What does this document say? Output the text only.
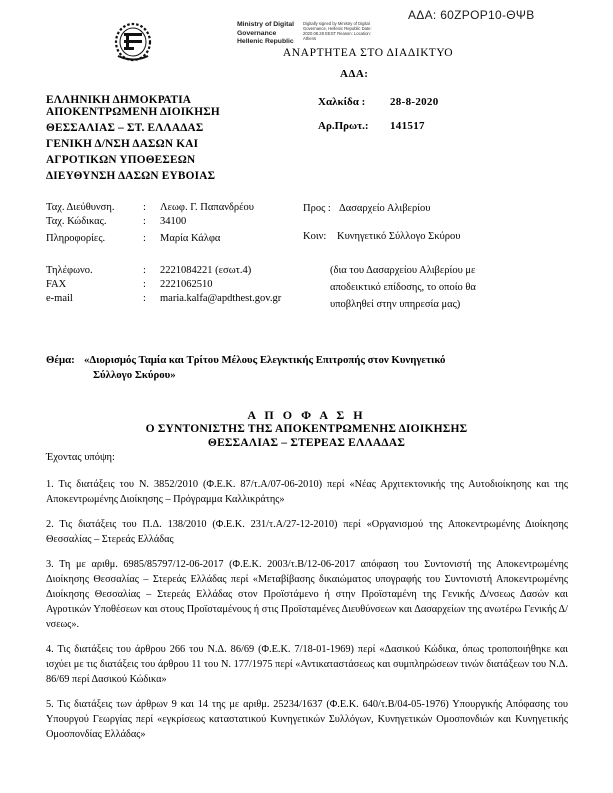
ΑΔΑ: 60ZPOP10-ΘΨΒ
Ministry of Digital
Governance
Hellenic Republic
Digitally signed by Ministry of Digital Governance, Hellenic Republic Date: 2020.08.28 EEST Reason: Location: Athens
ΑΝΑΡΤΗΤΕΑ ΣΤΟ ΔΙΑΔΙΚΤΥΟ
ΑΔΑ:
ΕΛΛΗΝΙΚΗ ΔΗΜΟΚΡΑΤΙΑ
ΑΠΟΚΕΝΤΡΩΜΕΝΗ ΔΙΟΙΚΗΣΗ
ΘΕΣΣΑΛΙΑΣ – ΣΤ. ΕΛΛΑΔΑΣ
ΓΕΝΙΚΗ Δ/ΝΣΗ ΔΑΣΩΝ ΚΑΙ
ΑΓΡΟΤΙΚΩΝ ΥΠΟΘΕΣΕΩΝ
ΔΙΕΥΘΥΝΣΗ ΔΑΣΩΝ ΕΥΒΟΙΑΣ
Χαλκίδα :	28-8-2020
Αρ.Πρωτ.:	141517
Ταχ. Διεύθυνση.	:	Λεωφ. Γ. Παπανδρέου
Ταχ. Κώδικας.	:	34100
Πληροφορίες.	:	Μαρία Κάλφα
Τηλέφωνο.	:	2221084221 (εσωτ.4)
FAX	:	2221062510
e-mail	:	maria.kalfa@apdthest.gov.gr
Προς : Δασαρχείο Αλιβερίου
Κοιν:	Κυνηγετικό Σύλλογο Σκύρου
(δια του Δασαρχείου Αλιβερίου με
αποδεικτικό επίδοσης, το οποίο θα
υποβληθεί στην υπηρεσία μας)
Θέμα: «Διορισμός Ταμία και Τρίτου Μέλους Ελεγκτικής Επιτροπής στον Κυνηγετικό
Σύλλογο Σκύρου»
Α Π Ο Φ Α Σ Η
Ο ΣΥΝΤΟΝΙΣΤΗΣ ΤΗΣ ΑΠΟΚΕΝΤΡΩΜΕΝΗΣ ΔΙΟΙΚΗΣΗΣ
ΘΕΣΣΑΛΙΑΣ – ΣΤΕΡΕΑΣ ΕΛΛΑΔΑΣ
Έχοντας υπόψη:

1. Τις διατάξεις του Ν. 3852/2010 (Φ.Ε.Κ. 87/τ.Α/07-06-2010) περί «Νέας Αρχιτεκτονικής της Αυτοδιοίκησης και της Αποκεντρωμένης Διοίκησης – Πρόγραμμα Καλλικράτης»

2. Τις διατάξεις του Π.Δ. 138/2010 (Φ.Ε.Κ. 231/τ.Α/27-12-2010) περί «Οργανισμού της Αποκεντρωμένης Διοίκησης Θεσσαλίας – Στερεάς Ελλάδας

3. Τη με αριθμ. 6985/85797/12-06-2017 (Φ.Ε.Κ. 2003/τ.Β/12-06-2017 απόφαση του Συντονιστή της Αποκεντρωμένης Διοίκησης Θεσσαλίας – Στερεάς Ελλάδας περί «Μεταβίβασης δικαιώματος υπογραφής του Συντονιστή Αποκεντρωμένης Διοίκησης Θεσσαλίας – Στερεάς Ελλάδας στον Προϊστάμενο ή στην Προϊσταμένη της Γενικής Δ/νσεως Δασών και Αγροτικών Υποθέσεων και στους Προϊσταμένους ή στις Προϊσταμένες Διευθύνσεων και Δασαρχείων της ανωτέρω Γενικής Δ/νσεως».

4. Τις διατάξεις του άρθρου 266 του Ν.Δ. 86/69 (Φ.Ε.Κ. 7/18-01-1969) περί «Δασικού Κώδικα, όπως τροποποιήθηκε και ισχύει με τις διατάξεις του άρθρου 11 του Ν. 177/1975 περί «Αντικαταστάσεως και συμπληρώσεων τινών διατάξεων του Ν.Δ. 86/69 περί Δασικού Κώδικα»

5. Τις διατάξεις των άρθρων 9 και 14 της με αριθμ. 25234/1637 (Φ.Ε.Κ. 640/τ.Β/04-05-1976) Υπουργικής Απόφασης του Υπουργού Γεωργίας περί «εγκρίσεως καταστατικού Κυνηγετικών Συλλόγων, Κυνηγετικών Ομοσπονδιών και Κυνηγετικής Ομοσπονδίας Ελλάδας»
